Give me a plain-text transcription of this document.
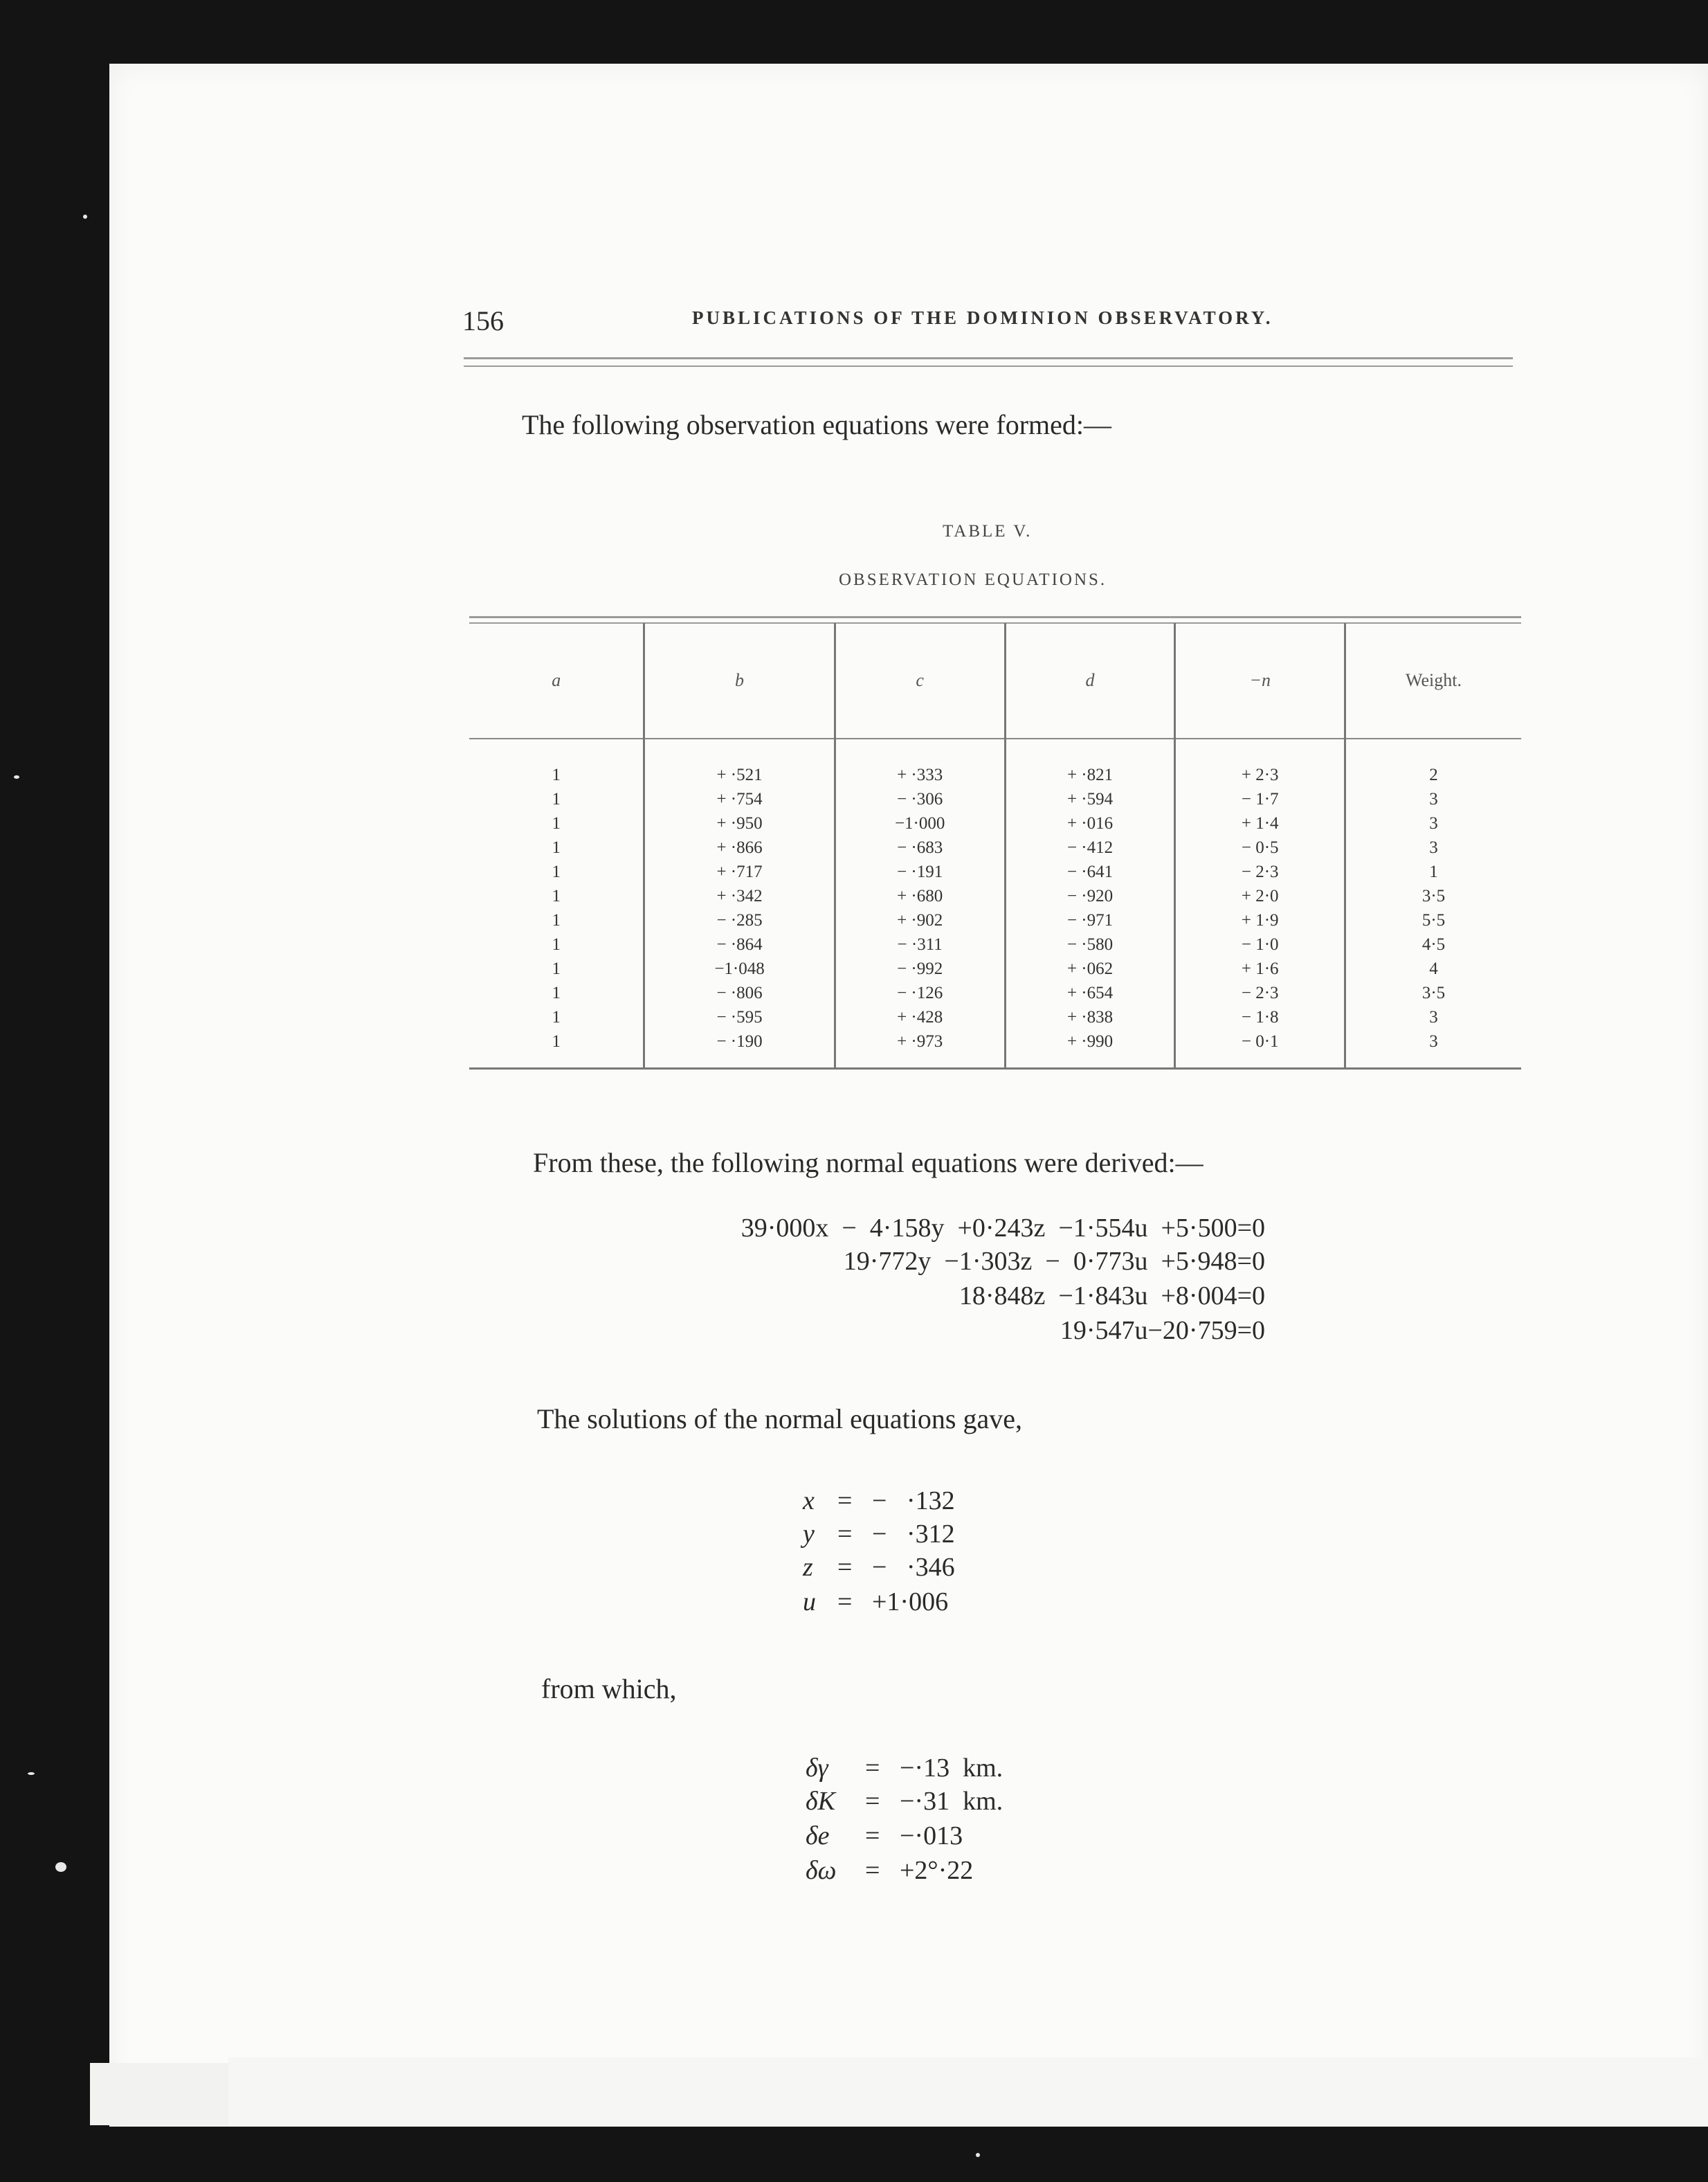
156	PUBLICATIONS OF THE DOMINION OBSERVATORY.
The following observation equations were formed:—
TABLE V.
OBSERVATION EQUATIONS.
a	b	c	d	−n	Weight.
1	+ ·521	+ ·333	+ ·821	+ 2·3	2
1	+ ·754	− ·306	+ ·594	− 1·7	3
1	+ ·950	−1·000	+ ·016	+ 1·4	3
1	+ ·866	− ·683	− ·412	− 0·5	3
1	+ ·717	− ·191	− ·641	− 2·3	1
1	+ ·342	+ ·680	− ·920	+ 2·0	3·5
1	− ·285	+ ·902	− ·971	+ 1·9	5·5
1	− ·864	− ·311	− ·580	− 1·0	4·5
1	−1·048	− ·992	+ ·062	+ 1·6	4
1	− ·806	− ·126	+ ·654	− 2·3	3·5
1	− ·595	+ ·428	+ ·838	− 1·8	3
1	− ·190	+ ·973	+ ·990	− 0·1	3
From these, the following normal equations were derived:—
39·000x  −  4·158y  +0·243z  −1·554u  +5·500=0
19·772y  −1·303z  −  0·773u  +5·948=0
18·848z  −1·843u  +8·004=0
19·547u−20·759=0
The solutions of the normal equations gave,
x = −   ·132
y = −   ·312
z = −   ·346
u = +1·006
from which,
δγ = −·13  km.
δK = −·31  km.
δe = −·013
δω = +2°·22
